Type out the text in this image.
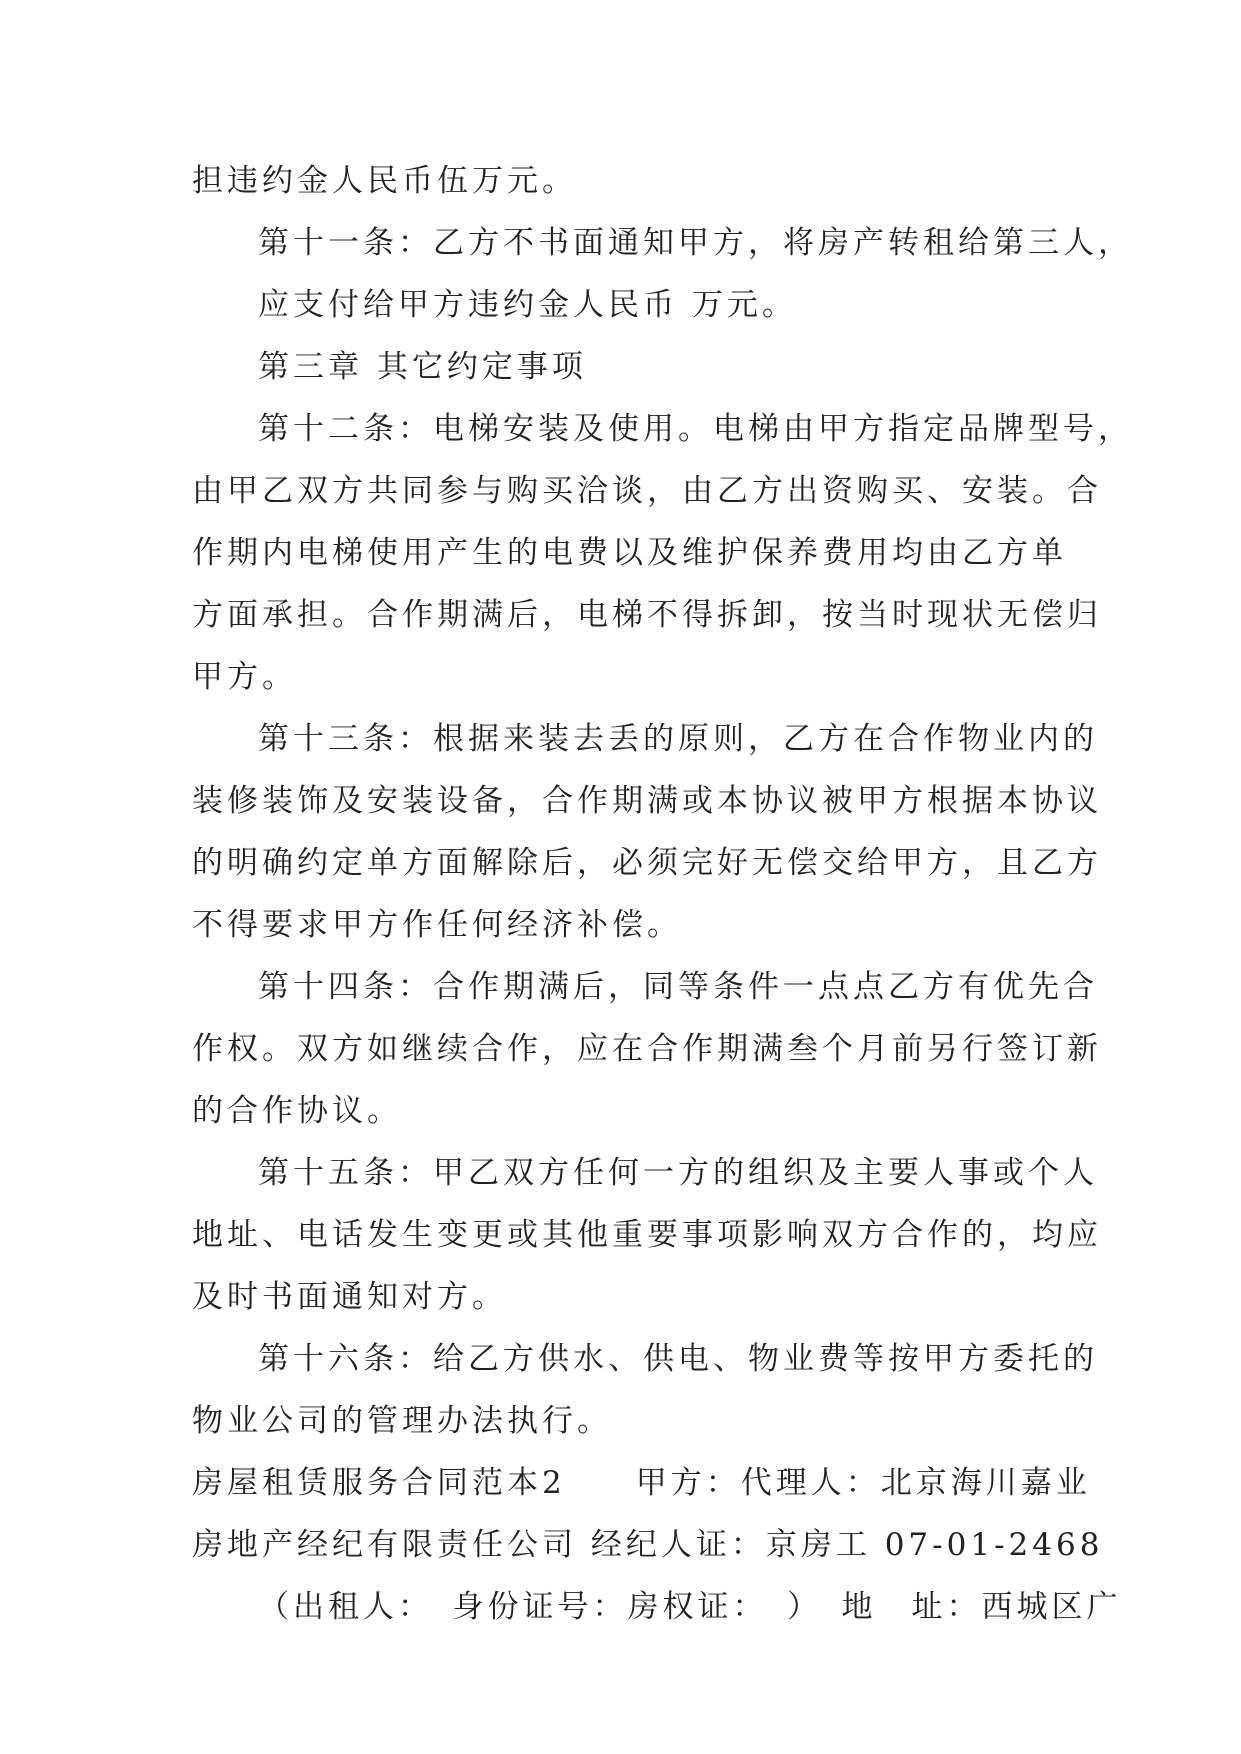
担违约金人民币伍万元。
第十一条：乙方不书面通知甲方，将房产转租给第三人，
应支付给甲方违约金人民币 万元。
第三章 其它约定事项
第十二条：电梯安装及使用。电梯由甲方指定品牌型号，
由甲乙双方共同参与购买洽谈，由乙方出资购买、安装。合
作期内电梯使用产生的电费以及维护保养费用均由乙方单
方面承担。合作期满后，电梯不得拆卸，按当时现状无偿归
甲方。
第十三条：根据来装去丢的原则，乙方在合作物业内的
装修装饰及安装设备，合作期满或本协议被甲方根据本协议
的明确约定单方面解除后，必须完好无偿交给甲方，且乙方
不得要求甲方作任何经济补偿。
第十四条：合作期满后，同等条件一点点乙方有优先合
作权。双方如继续合作，应在合作期满叁个月前另行签订新
的合作协议。
第十五条：甲乙双方任何一方的组织及主要人事或个人
地址、电话发生变更或其他重要事项影响双方合作的，均应
及时书面通知对方。
第十六条：给乙方供水、供电、物业费等按甲方委托的
物业公司的管理办法执行。
房屋租赁服务合同范本2　　甲方：代理人：北京海川嘉业
房地产经纪有限责任公司 经纪人证：京房工 07-01-2468
（出租人：　身份证号：房权证：　）　地　址：西城区广
